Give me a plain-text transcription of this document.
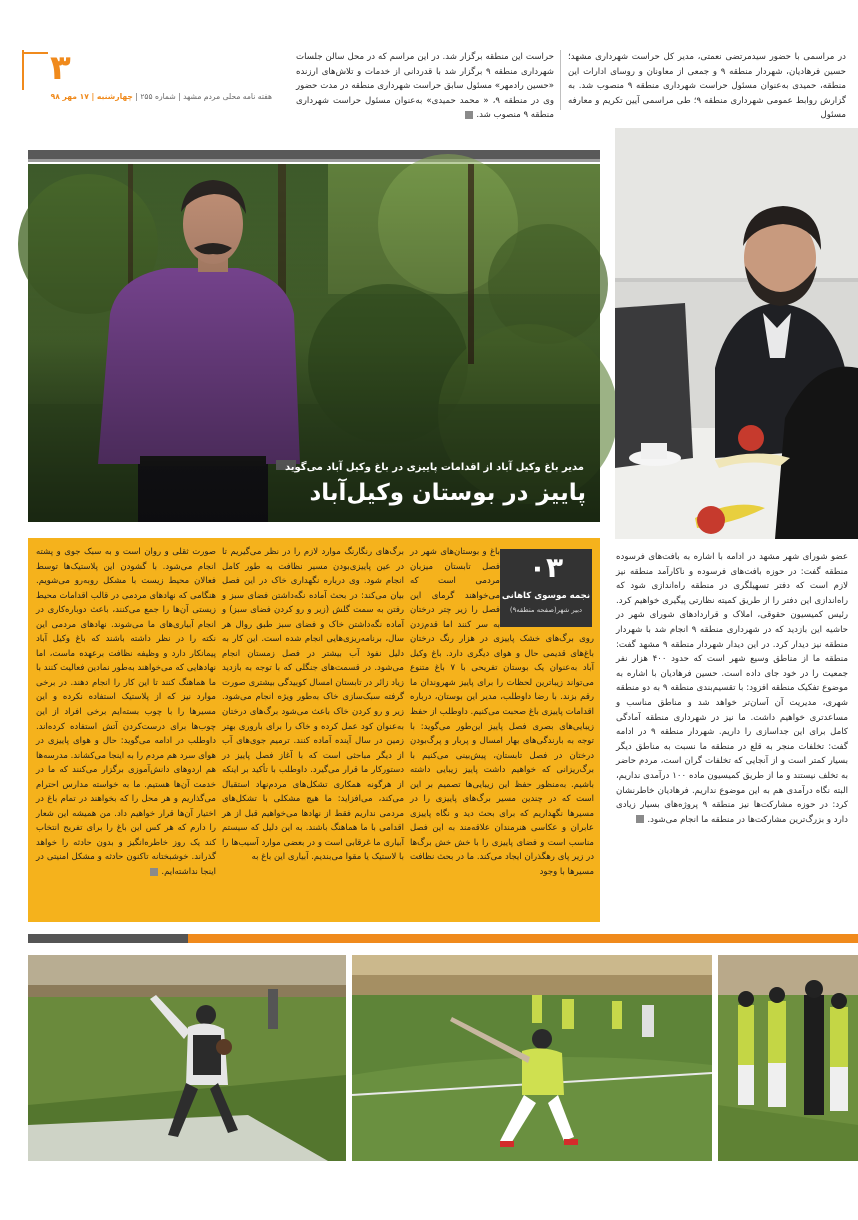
۳
هفته نامه محلی مردم مشهد | شماره ۲۵۵ | چهارشنبه | ۱۷ مهر ۹۸

در مراسمی با حضور سیدمرتضی نعمتی، مدیر کل حراست شهرداری مشهد؛ حسین فرهادیان، شهردار منطقه ۹ و جمعی از معاونان و روسای ادارات این منطقه، حمیدی به‌عنوان مسئول حراست شهرداری منطقه ۹ منصوب شد. به گزارش روابط عمومی شهرداری منطقه ۹؛ طی مراسمی آیین تکریم و معارفه مسئول

حراست این منطقه برگزار شد. در این مراسم که در محل سالن جلسات شهرداری منطقه ۹ برگزار شد با قدردانی از خدمات و تلاش‌های ارزنده «حسین رادمهر» مسئول سابق حراست شهرداری منطقه در مدت حضور وی در منطقه ۹، « محمد حمیدی» به‌عنوان مسئول حراست شهرداری منطقه ۹ منصوب شد.

مدیر باغ وکیل آباد از اقدامات پاییزی در باغ وکیل آباد می‌گوید
پاییز در بوستان وکیل‌آباد
۰۳
نجمه موسوی کاهانی
دبیر شهر(صفحه منطقه۹)

باغ و بوستان‌های شهر در فصل تابستان میزبان مردمی است که می‌خواهند گرمای این فصل را زیر چتر درختان به سر کنند اما قدم‌زدن روی برگ‌های خشک پاییزی در هزار رنگ درختان باغ‌های قدیمی حال و هوای دیگری دارد. باغ وکیل آباد به‌عنوان یک بوستان تفریحی با ۷ باغ متنوع می‌تواند زیباترین لحظات را برای پاییز شهروندان ما رقم بزند. با رضا داوطلب، مدیر این بوستان، درباره اقدامات پاییزی باغ صحبت می‌کنیم. داوطلب از حفظ زیبایی‌های بصری فصل پاییز این‌طور می‌گوید: با توجه به بارندگی‌های بهار امسال و پربار و پرگ‌بودن درختان در فصل تابستان، پیش‌بینی می‌کنیم با برگ‌ریزانی که خواهیم داشت پاییز زیبایی داشته باشیم. به‌منظور حفظ این زیبایی‌ها تصمیم بر این است که در چندین مسیر برگ‌های پاییزی را در مسیرها نگهداریم که برای بحث دید و نگاه پاییزی عابران و عکاسی هنرمندان علاقه‌مند به این فصل مناسب است و فضای پاییزی را با خش خش برگ‌ها در زیر پای رهگذران ایجاد می‌کند. ما در بحث نظافت مسیرها با وجود

برگ‌های رنگارنگ موارد لازم را در نظر می‌گیریم تا در عین پاییزی‌بودن مسیر نظافت به طور کامل انجام شود. وی درباره نگهداری خاک در این فصل بیان می‌کند: در بحث آماده نگه‌داشتن فضای سبز و رفتن به سمت گلش (زیر و رو کردن فضای سبز) و آماده نگه‌داشتن خاک و فضای سبز طبق روال هر سال، برنامه‌ریزی‌هایی انجام شده است. این کار به دلیل نفوذ آب بیشتر در فصل زمستان انجام می‌شود. در قسمت‌های جنگلی که با توجه به بازدید زیاد زائر در تابستان امسال کوبیدگی بیشتری صورت گرفته سبک‌سازی خاک به‌طور ویژه انجام می‌شود. زیر و رو کردن خاک باعث می‌شود برگ‌های درختان به‌عنوان کود عمل کرده و خاک را برای باروری بهتر زمین در سال آینده آماده کنند. ترمیم جوی‌های آب از دیگر مباحثی است که با آغاز فصل پاییز در دستورکار ما قرار می‌گیرد. داوطلب با تأکید بر اینکه از هرگونه همکاری تشکل‌های مردم‌نهاد استقبال می‌کند، می‌افزاید: ما هیچ مشکلی با تشکل‌های مردمی نداریم فقط از نهادها می‌خواهیم قبل از هر اقدامی با ما هماهنگ باشند. به این دلیل که سیستم آبیاری ما غرقابی است و در بعضی موارد آسیب‌ها را با لاستیک یا مقوا می‌بندیم. آبیاری این باغ به

صورت ثقلی و روان است و به سبک جوی و پشته انجام می‌شود. با گشودن این پلاستیک‌ها توسط فعالان محیط زیست با مشکل روبه‌رو می‌شویم. هنگامی که نهادهای مردمی در قالب اقدامات محیط زیستی آن‌ها را جمع می‌کنند، باعث دوباره‌کاری در انجام آبیاری‌های ما می‌شوند. نهادهای مردمی این نکته را در نظر داشته باشند که باغ وکیل آباد پیمانکار دارد و وظیفه نظافت برعهده ماست، اما نهادهایی که می‌خواهند به‌طور نمادین فعالیت کنند با ما هماهنگ کنند تا این کار را انجام دهند. در برخی موارد نیز که از پلاستیک استفاده نکرده و این مسیرها را با چوب بسته‌ایم برخی افراد از این چوب‌ها برای درست‌کردن آتش استفاده کرده‌اند. داوطلب در ادامه می‌گوید: حال و هوای پاییزی در هوای سرد هم مردم را به اینجا می‌کشاند. مدرسه‌ها هم اردوهای دانش‌آموزی برگزار می‌کنند که ما در خدمت آن‌ها هستیم. ما به خواسته مدارس احترام می‌گذاریم و هر محل را که بخواهند در تمام باغ در اختیار آن‌ها قرار خواهیم داد. من همیشه این شعار را دارم که هر کس این باغ را برای تفریح انتخاب کند یک روز خاطره‌انگیز و بدون حادثه را خواهد گذراند. خوشبختانه تاکنون حادثه و مشکل امنیتی در اینجا نداشته‌ایم.

عضو شورای شهر مشهد در ادامه با اشاره به بافت‌های فرسوده منطقه گفت: در حوزه بافت‌های فرسوده و ناکارآمد منطقه نیز لازم است که دفتر تسهیلگری در منطقه راه‌اندازی شود که راه‌اندازی این دفتر را از طریق کمیته نظارتی پیگیری خواهیم کرد. رئیس کمیسیون حقوقی، املاک و قراردادهای شورای شهر در حاشیه این بازدید که در شهرداری منطقه ۹ انجام شد با شهردار منطقه نیز دیدار کرد. در این دیدار شهردار منطقه ۹ مشهد گفت: منطقه ما از مناطق وسیع شهر است که حدود ۴۰۰ هزار نفر جمعیت را در خود جای داده است. حسین فرهادیان با اشاره به موضوع تفکیک منطقه افزود: با تقسیم‌بندی منطقه ۹ به دو منطقه شهری، مدیریت آن آسان‌تر خواهد شد و مناطق مناسب و مساعدتری خواهیم داشت. ما نیز در شهرداری منطقه آمادگی کامل برای این جداسازی را داریم. شهردار منطقه ۹ در ادامه گفت: تخلفات منجر به قلع در منطقه ما نسبت به مناطق دیگر بسیار کمتر است و از آنجایی که تخلفات گران است، مردم حاضر به تخلف نیستند و ما از طریق کمیسیون ماده ۱۰۰ درآمدی نداریم، البته نگاه درآمدی هم به این موضوع نداریم. فرهادیان خاطرنشان کرد: در حوزه مشارکت‌ها نیز منطقه ۹ پروژه‌های بسیار زیادی دارد و بزرگ‌ترین مشارکت‌ها در منطقه ما انجام می‌شود.
